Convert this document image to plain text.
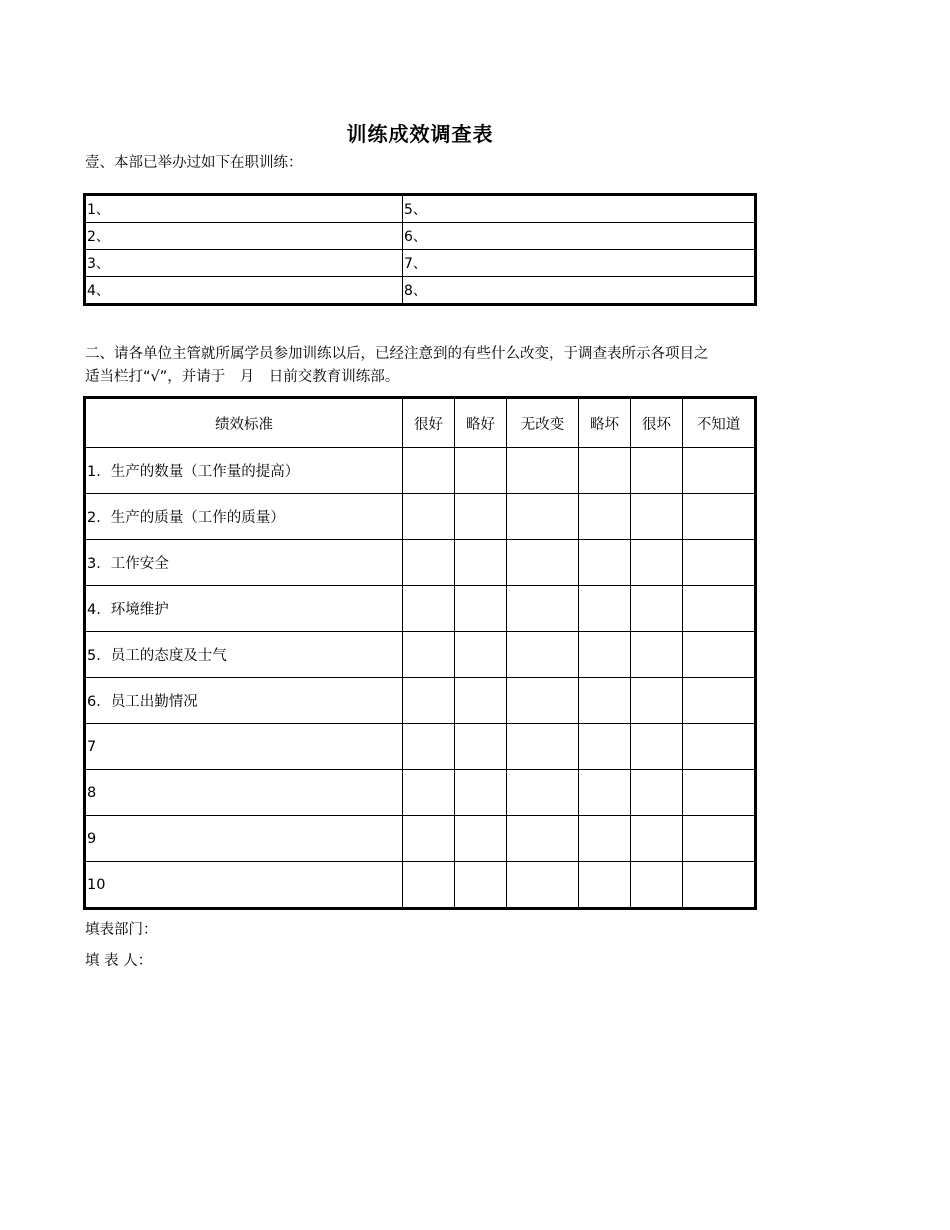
训练成效调查表
壹、本部已举办过如下在职训练：
1、	5、
2、	6、
3、	7、
4、	8、
二、请各单位主管就所属学员参加训练以后，已经注意到的有些什么改变，于调查表所示各项目之
适当栏打“√”，并请于　月　日前交教育训练部。
绩效标准	很好	略好	无改变	略坏	很坏	不知道
1．生产的数量（工作量的提高）						
2．生产的质量（工作的质量）						
3．工作安全						
4．环境维护						
5．员工的态度及士气						
6．员工出勤情况						
7						
8						
9						
10						
填表部门：
填 表 人：
